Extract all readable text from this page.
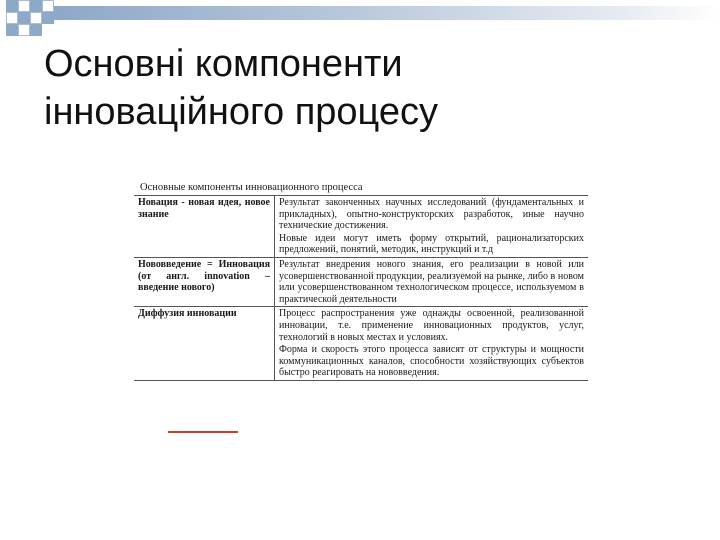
Основні компоненти
інноваційного процесу

Основные компоненты инновационного процесса

Новация - новая идея, новое знание	Результат законченных научных исследований (фундаментальных и прикладных), опытно-конструкторских разработок, иные научно технические достижения.
Новые идеи могут иметь форму открытий, рационализаторских предложений, понятий, методик, инструкций и т.д

Нововведение = Инновация (от англ. innovation – введение нового)	Результат внедрения нового знания, его реализации в новой или усовершенствованной продукции, реализуемой на рынке, либо в новом или усовершенствованном технологическом процессе, используемом в практической деятельности

Диффузия инновации	Процесс распространения уже однажды освоенной, реализованной инновации, т.е. применение инновационных продуктов, услуг, технологий в новых местах и условиях.
Форма и скорость этого процесса зависят от структуры и мощности коммуникационных каналов, способности хозяйствующих субъектов быстро реагировать на нововведения.
